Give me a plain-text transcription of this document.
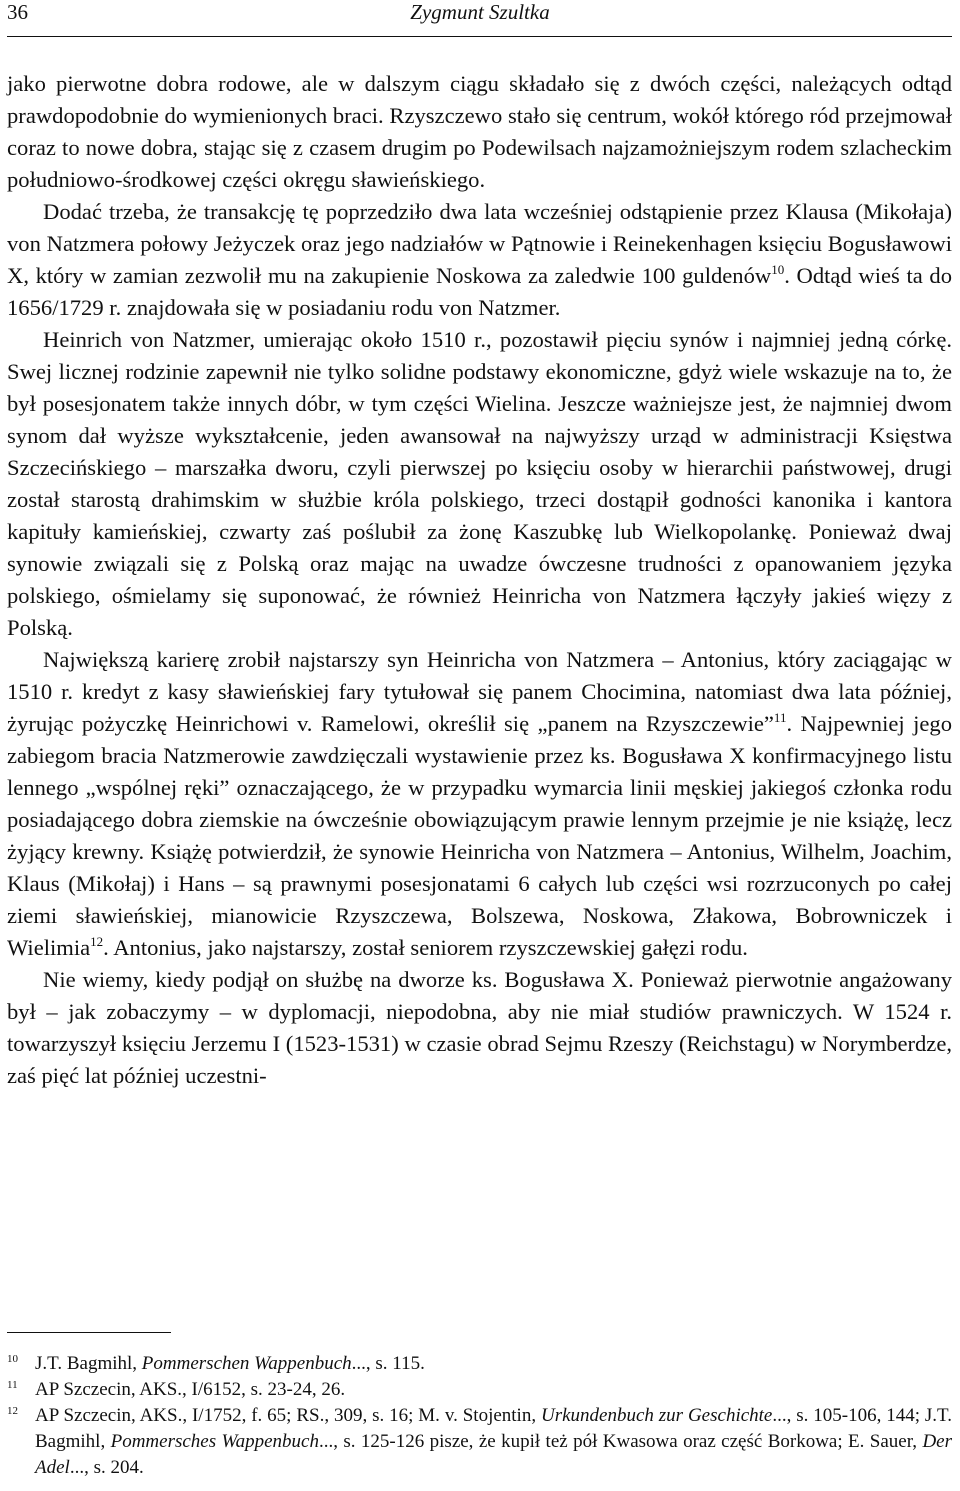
36	Zygmunt Szultka

jako pierwotne dobra rodowe, ale w dalszym ciągu składało się z dwóch części, należących odtąd prawdopodobnie do wymienionych braci. Rzyszczewo stało się centrum, wokół którego ród przejmował coraz to nowe dobra, stając się z czasem drugim po Podewilsach najzamożniejszym rodem szlacheckim południowo-środkowej części okręgu sławieńskiego.

Dodać trzeba, że transakcję tę poprzedziło dwa lata wcześniej odstąpienie przez Klausa (Mikołaja) von Natzmera połowy Jeżyczek oraz jego nadziałów w Pątnowie i Reinekenhagen księciu Bogusławowi X, który w zamian zezwolił mu na zakupienie Noskowa za zaledwie 100 guldenów$^{10}$. Odtąd wieś ta do 1656/1729 r. znajdowała się w posiadaniu rodu von Natzmer.

Heinrich von Natzmer, umierając około 1510 r., pozostawił pięciu synów i najmniej jedną córkę. Swej licznej rodzinie zapewnił nie tylko solidne podstawy ekonomiczne, gdyż wiele wskazuje na to, że był posesjonatem także innych dóbr, w tym części Wielina. Jeszcze ważniejsze jest, że najmniej dwom synom dał wyższe wykształcenie, jeden awansował na najwyższy urząd w administracji Księstwa Szczecińskiego – marszałka dworu, czyli pierwszej po księciu osoby w hierarchii państwowej, drugi został starostą drahimskim w służbie króla polskiego, trzeci dostąpił godności kanonika i kantora kapituły kamieńskiej, czwarty zaś poślubił za żonę Kaszubkę lub Wielkopolankę. Ponieważ dwaj synowie związali się z Polską oraz mając na uwadze ówczesne trudności z opanowaniem języka polskiego, ośmielamy się suponować, że również Heinricha von Natzmera łączyły jakieś więzy z Polską.

Największą karierę zrobił najstarszy syn Heinricha von Natzmera – Antonius, który zaciągając w 1510 r. kredyt z kasy sławieńskiej fary tytułował się panem Chocimina, natomiast dwa lata później, żyrując pożyczkę Heinrichowi v. Ramelowi, określił się „panem na Rzyszczewie”$^{11}$. Najpewniej jego zabiegom bracia Natzmerowie zawdzięczali wystawienie przez ks. Bogusława X konfirmacyjnego listu lennego „wspólnej ręki” oznaczającego, że w przypadku wymarcia linii męskiej jakiegoś członka rodu posiadającego dobra ziemskie na ówcześnie obowiązującym prawie lennym przejmie je nie książę, lecz żyjący krewny. Książę potwierdził, że synowie Heinricha von Natzmera – Antonius, Wilhelm, Joachim, Klaus (Mikołaj) i Hans – są prawnymi posesjonatami 6 całych lub części wsi rozrzuconych po całej ziemi sławieńskiej, mianowicie Rzyszczewa, Bolszewa, Noskowa, Złakowa, Bobrowniczek i Wielimia$^{12}$. Antonius, jako najstarszy, został seniorem rzyszczewskiej gałęzi rodu.

Nie wiemy, kiedy podjął on służbę na dworze ks. Bogusława X. Ponieważ pierwotnie angażowany był – jak zobaczymy – w dyplomacji, niepodobna, aby nie miał studiów prawniczych. W 1524 r. towarzyszył księciu Jerzemu I (1523-1531) w czasie obrad Sejmu Rzeszy (Reichstagu) w Norymberdze, zaś pięć lat później uczestni-

$^{10}$ J.T. Bagmihl, Pommerschen Wappenbuch..., s. 115.

$^{11}$ AP Szczecin, AKS., I/6152, s. 23-24, 26.

$^{12}$ AP Szczecin, AKS., I/1752, f. 65; RS., 309, s. 16; M. v. Stojentin, Urkundenbuch zur Geschichte..., s. 105-106, 144; J.T. Bagmihl, Pommersches Wappenbuch..., s. 125-126 pisze, że kupił też pół Kwasowa oraz część Borkowa; E. Sauer, Der Adel..., s. 204.
